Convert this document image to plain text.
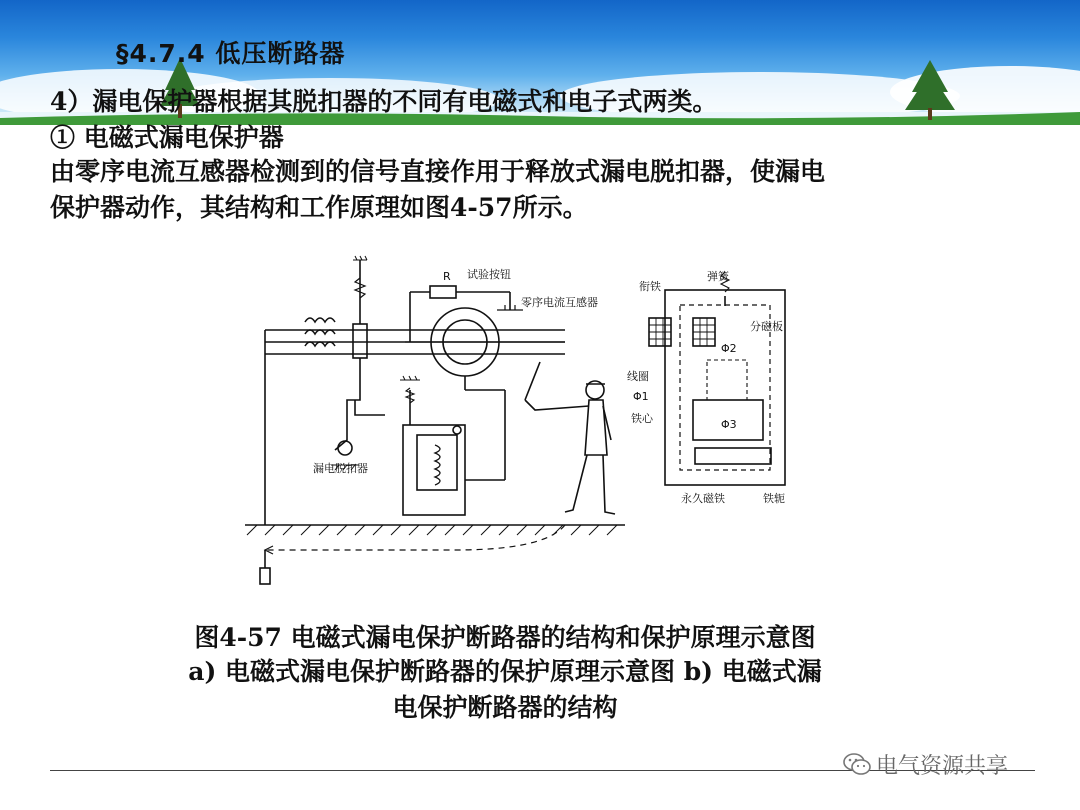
§4.7.4 低压断路器
4）漏电保护器根据其脱扣器的不同有电磁式和电子式两类。
① 电磁式漏电保护器
由零序电流互感器检测到的信号直接作用于释放式漏电脱扣器，使漏电
保护器动作，其结构和工作原理如图4-57所示。
R 试验按钮
零序电流互感器
漏电脱扣器
衔铁
弹簧
分磁板
线圈
Φ1
Φ2
Φ3
铁心
永久磁铁	铁轭
图4-57 电磁式漏电保护断路器的结构和保护原理示意图
a) 电磁式漏电保护断路器的保护原理示意图 b) 电磁式漏
电保护断路器的结构
电气资源共享
